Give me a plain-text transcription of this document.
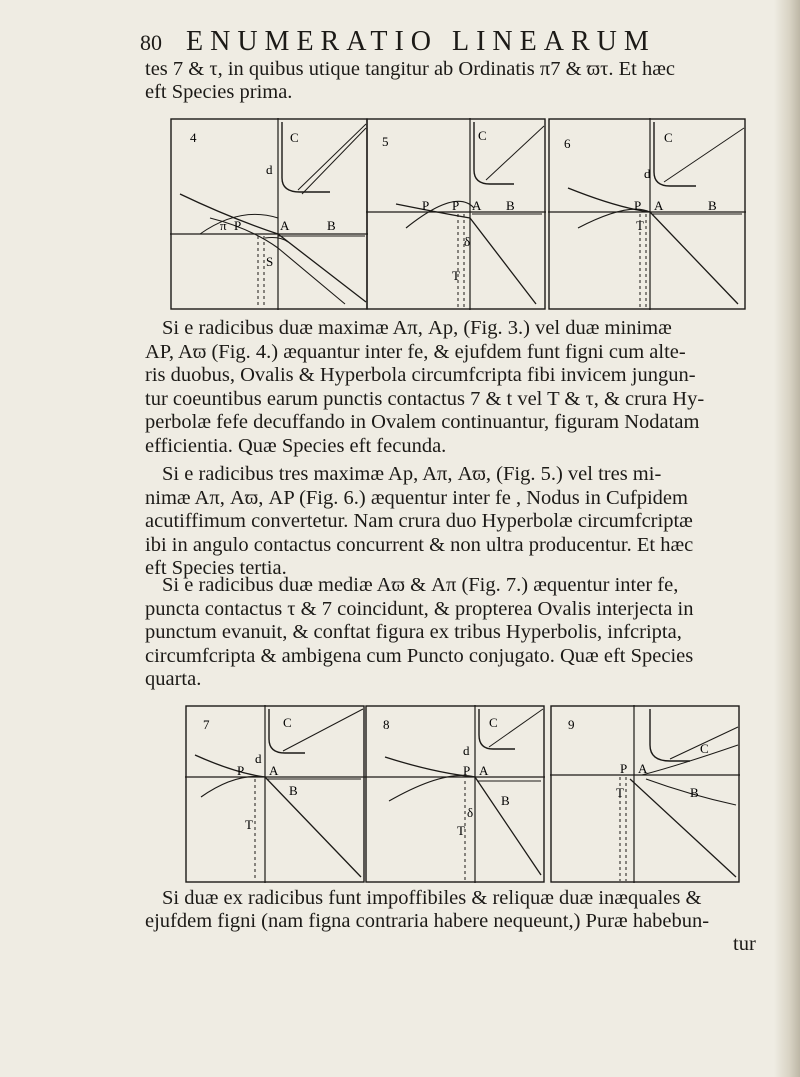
80 ENUMERATIO LINEARUM
tes 7 & τ, in quibus utique tangitur ab Ordinatis π7 & ϖτ. Et hæc
eft Species prima.
Si e radicibus duæ maximæ Aπ, Ap, (Fig. 3.) vel duæ minimæ
AP, Aϖ (Fig. 4.) æquantur inter fe, & ejufdem funt figni cum alte-
ris duobus, Ovalis & Hyperbola circumfcripta fibi invicem jungun-
tur coeuntibus earum punctis contactus 7 & t vel T & τ, & crura Hy-
perbolæ fefe decuffando in Ovalem continuantur, figuram Nodatam
efficientia. Quæ Species eft fecunda.
Si e radicibus tres maximæ Ap, Aπ, Aϖ, (Fig. 5.) vel tres mi-
nimæ Aπ, Aϖ, AP (Fig. 6.) æquentur inter fe , Nodus in Cufpidem
acutiffimum convertetur. Nam crura duo Hyperbolæ circumfcriptæ
ibi in angulo contactus concurrent & non ultra producentur. Et hæc
eft Species tertia.
Si e radicibus duæ mediæ Aϖ & Aπ (Fig. 7.) æquentur inter fe,
puncta contactus τ & 7 coincidunt, & propterea Ovalis interjecta in
punctum evanuit, & conftat figura ex tribus Hyperbolis, infcripta,
circumfcripta & ambigena cum Puncto conjugato. Quæ eft Species
quarta.
Si duæ ex radicibus funt impoffibiles & reliquæ duæ inæquales &
ejufdem figni (nam figna contraria habere nequeunt,) Puræ habebun-
tur
4	C
d
P	A	B
π
S
5	C
P P A B
δ
T
6	C
d
P A	B
T
7	C
d
P A
B
T
8	C
d
P A
B
T
δ
9
C
P A
B
T
